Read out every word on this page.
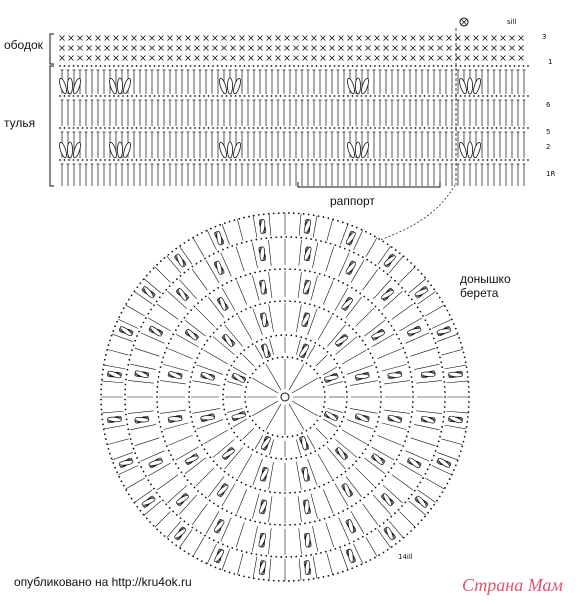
ободок
тулья
раппорт
донышко берета
sill
14ill
3
1
6
5
2
1R
опубликовано на http://kru4ok.ru	Страна Мам
